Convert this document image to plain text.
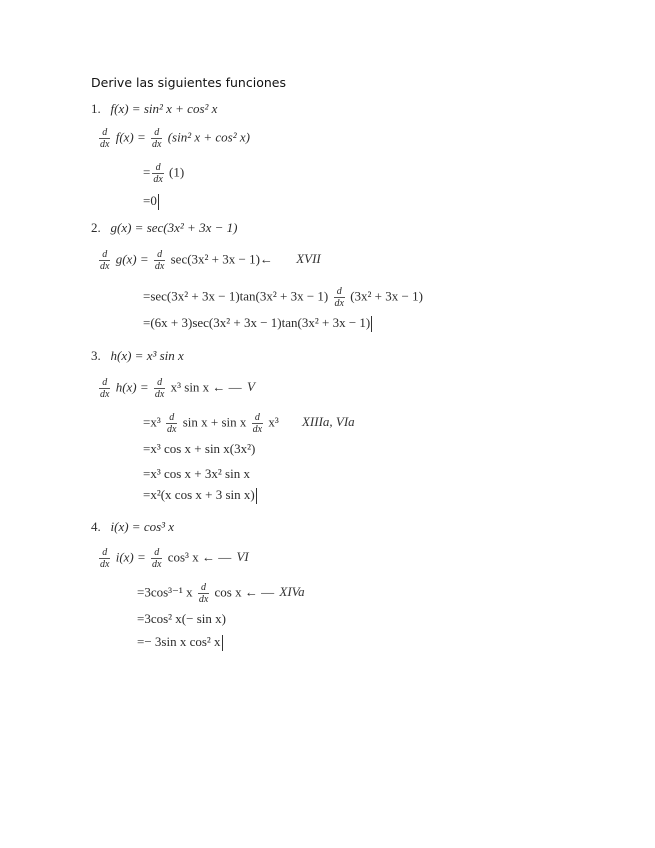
Derive las siguientes funciones
1. f(x) = sin² x + cos² x
$\frac{d}{dx} f(x) = \frac{d}{dx} (\sin^2$ x + cos² x)
= $\frac{d}{dx} (1)$
=0
2. g(x) = sec(3x² + 3x − 1)
$\frac{d}{dx} g(x) = \frac{d}{dx} \sec(3x^2 + 3x$ − 1)← XVII
$=\sec(3x^2 + 3x - 1)\tan(3x^2 + 3x - 1) \frac{d}{dx} (3x^2 + 3x - 1)$
=(6x + 3)sec(3x² + 3x − 1)tan(3x² + 3x − 1)
3. h(x) = x³ sin x
$\frac{d}{dx} h(x) = \frac{d}{dx} x^3$ sin x ← — V
$=x^3 \frac{d}{dx}$ sin x + sin x $\frac{d}{dx} x^3$ XIIIa, VIa
=x³ cos x + sin x(3x²)
=x³ cos x + 3x² sin x
=x²(x cos x + 3 sin x)
4. i(x) = cos³ x
$\frac{d}{dx} i(x) = \frac{d}{dx} \cos^3$ x ← — VI
=3cos³⁻¹ x $\frac{d}{dx}$ cos x ← — XIVa
=3cos² x(− sin x)
=− 3sin x cos² x
